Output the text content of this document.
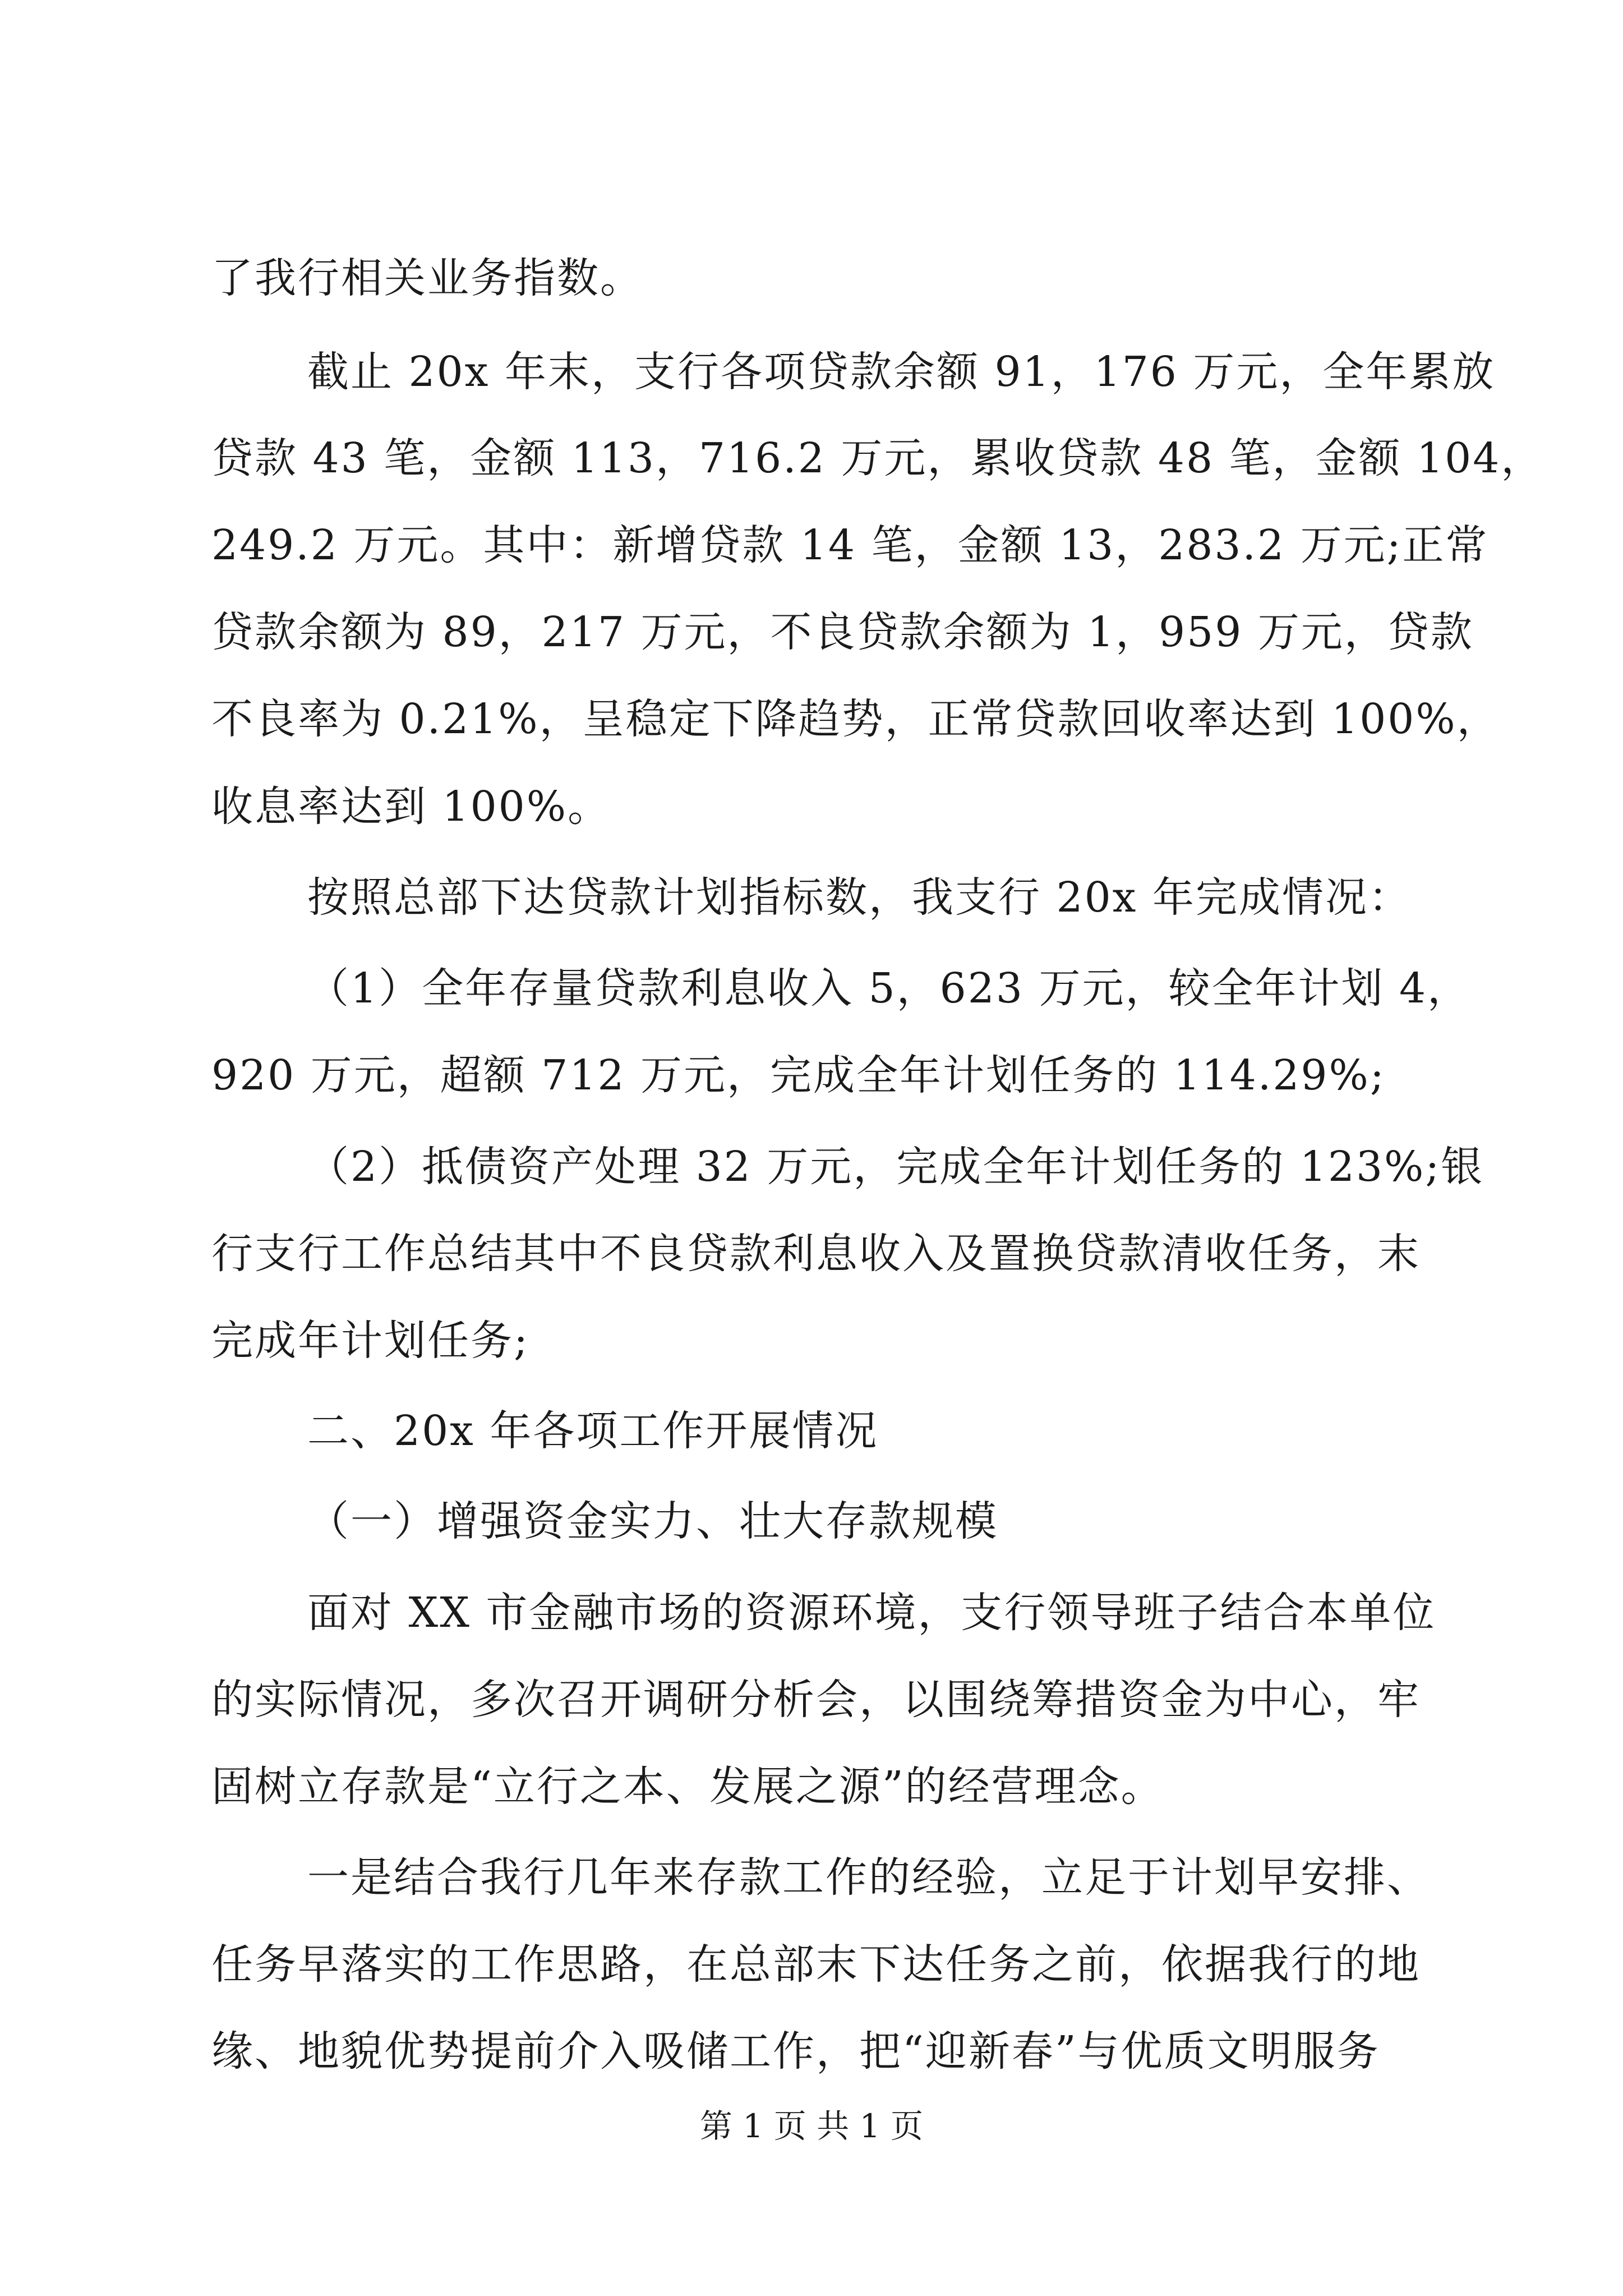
了我行相关业务指数。
截止 20x 年末，支行各项贷款余额 91，176 万元，全年累放
贷款 43 笔，金额 113，716.2 万元，累收贷款 48 笔，金额 104，
249.2 万元。其中：新增贷款 14 笔，金额 13，283.2 万元;正常
贷款余额为 89，217 万元，不良贷款余额为 1，959 万元，贷款
不良率为 0.21%，呈稳定下降趋势，正常贷款回收率达到 100%，
收息率达到 100%。
按照总部下达贷款计划指标数，我支行 20x 年完成情况：
（1）全年存量贷款利息收入 5，623 万元，较全年计划 4，
920 万元，超额 712 万元，完成全年计划任务的 114.29%;
（2）抵债资产处理 32 万元，完成全年计划任务的 123%;银
行支行工作总结其中不良贷款利息收入及置换贷款清收任务，末
完成年计划任务;
二、20x 年各项工作开展情况
（一）增强资金实力、壮大存款规模
面对 XX 市金融市场的资源环境，支行领导班子结合本单位
的实际情况，多次召开调研分析会，以围绕筹措资金为中心，牢
固树立存款是“立行之本、发展之源”的经营理念。
一是结合我行几年来存款工作的经验，立足于计划早安排、
任务早落实的工作思路，在总部末下达任务之前，依据我行的地
缘、地貌优势提前介入吸储工作，把“迎新春”与优质文明服务
第 1 页 共 1 页
